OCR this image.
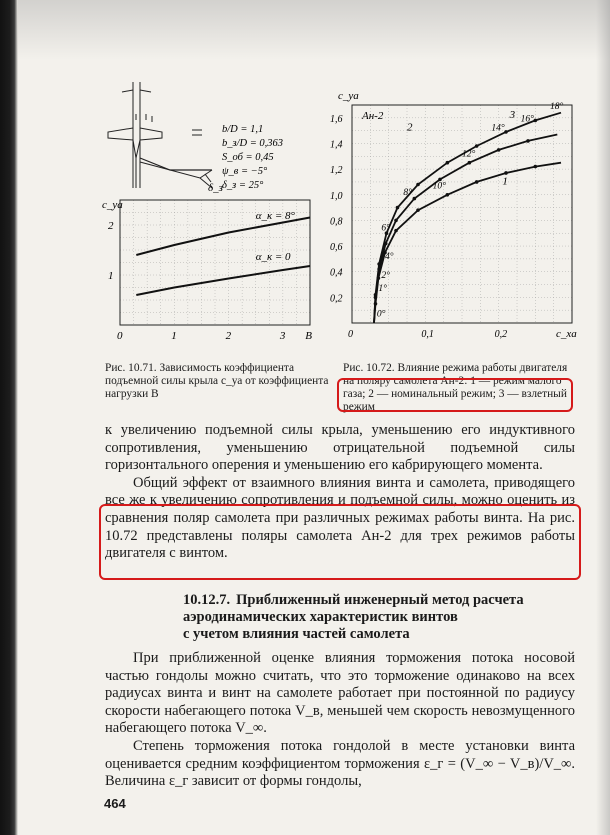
δ_з
b/D = 1,1
b_з/D = 0,363
S_об = 0,45
ψ_в = −5°
δ_з = 25°
c_уа
1
2
0	1	2	3 B
α_к = 8°
α_к = 0
c_уа
c_xа
Ан-2
0,2
0,4
0,6
0,8
1,0
1,2
1,4
1,6
0	0,1	0,2
1
2
3
0°
1°
2°
4°
6°
8°
10°
12°
14°
16°
18°
Рис. 10.71. Зависимость коэффициента подъемной силы крыла c_уа от коэффициента нагрузки B
Рис. 10.72. Влияние режима работы двигателя на поляру самолета Ан-2: 1 — режим малого газа; 2 — номинальный режим; 3 — взлетный режим

к увеличению подъемной силы крыла, уменьшению его индуктивного сопротивления, уменьшению отрицательной подъемной силы горизонтального оперения и уменьшению его кабрирующего момента.

Общий эффект от взаимного влияния винта и самолета, приводящего все же к увеличению сопротивления и подъемной силы, можно оценить из сравнения поляр самолета при различных режимах работы винта. На рис. 10.72 представлены поляры самолета Ан-2 для трех режимов работы двигателя с винтом.

10.12.7. Приближенный инженерный метод расчета
аэродинамических характеристик винтов
с учетом влияния частей самолета

При приближенной оценке влияния торможения потока носовой частью гондолы можно считать, что это торможение одинаково на всех радиусах винта и винт на самолете работает при постоянной по радиусу скорости набегающего потока V_в, меньшей чем скорость невозмущенного набегающего потока V_∞.

Степень торможения потока гондолой в месте установки винта оценивается средним коэффициентом торможения ε_г = (V_∞ − V_в)/V_∞. Величина ε_г зависит от формы гондолы,

464
